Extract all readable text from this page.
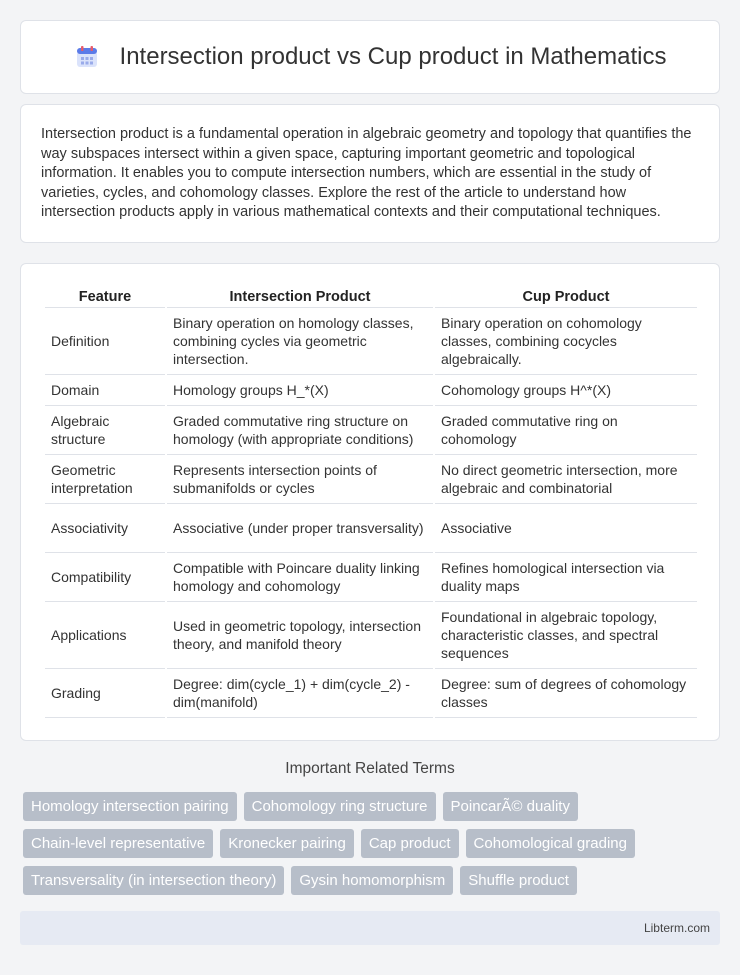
Intersection product vs Cup product in Mathematics

Intersection product is a fundamental operation in algebraic geometry and topology that quantifies the way subspaces intersect within a given space, capturing important geometric and topological information. It enables you to compute intersection numbers, which are essential in the study of varieties, cycles, and cohomology classes. Explore the rest of the article to understand how intersection products apply in various mathematical contexts and their computational techniques.

Feature	Intersection Product	Cup Product
Definition	Binary operation on homology classes, combining cycles via geometric intersection.	Binary operation on cohomology classes, combining cocycles algebraically.
Domain	Homology groups H_*(X)	Cohomology groups H^*(X)
Algebraic structure	Graded commutative ring structure on homology (with appropriate conditions)	Graded commutative ring on cohomology
Geometric interpretation	Represents intersection points of submanifolds or cycles	No direct geometric intersection, more algebraic and combinatorial
Associativity	Associative (under proper transversality)	Associative
Compatibility	Compatible with Poincare duality linking homology and cohomology	Refines homological intersection via duality maps
Applications	Used in geometric topology, intersection theory, and manifold theory	Foundational in algebraic topology, characteristic classes, and spectral sequences
Grading	Degree: dim(cycle_1) + dim(cycle_2) - dim(manifold)	Degree: sum of degrees of cohomology classes
Important Related Terms
Homology intersection pairing	Cohomology ring structure	PoincarÃ© duality
Chain-level representative	Kronecker pairing	Cap product	Cohomological grading
Transversality (in intersection theory)	Gysin homomorphism	Shuffle product
Libterm.com
